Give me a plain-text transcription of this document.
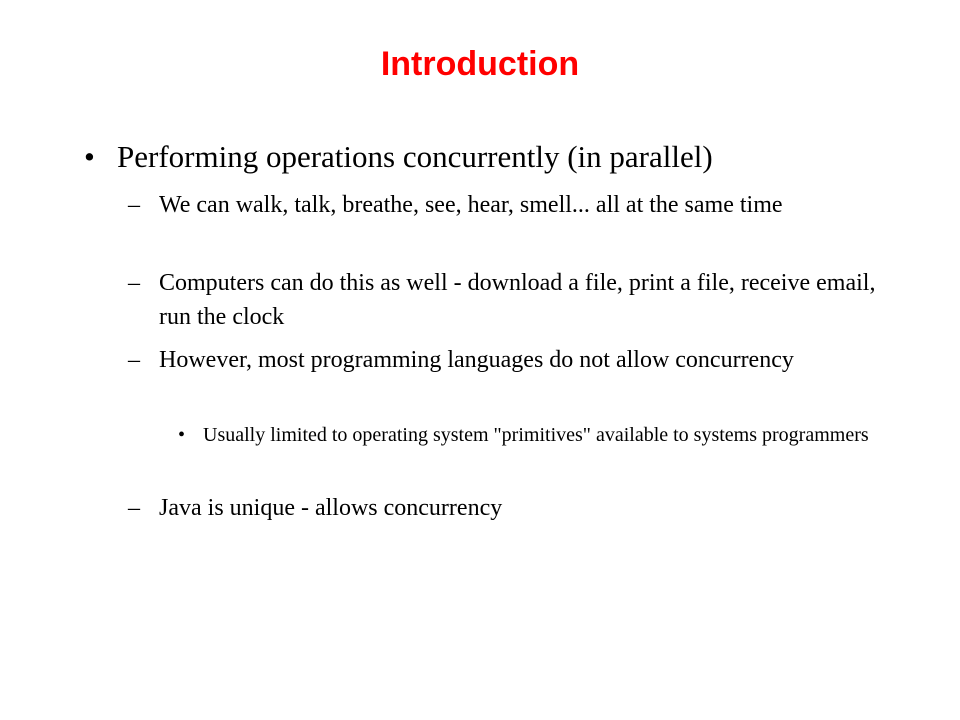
Introduction
• Performing operations concurrently (in parallel)
– We can walk, talk, breathe, see, hear, smell... all at the same time
– Computers can do this as well - download a file, print a file, receive email, run the clock
– However, most programming languages do not allow concurrency
• Usually limited to operating system "primitives" available to systems programmers
– Java is unique - allows concurrency
